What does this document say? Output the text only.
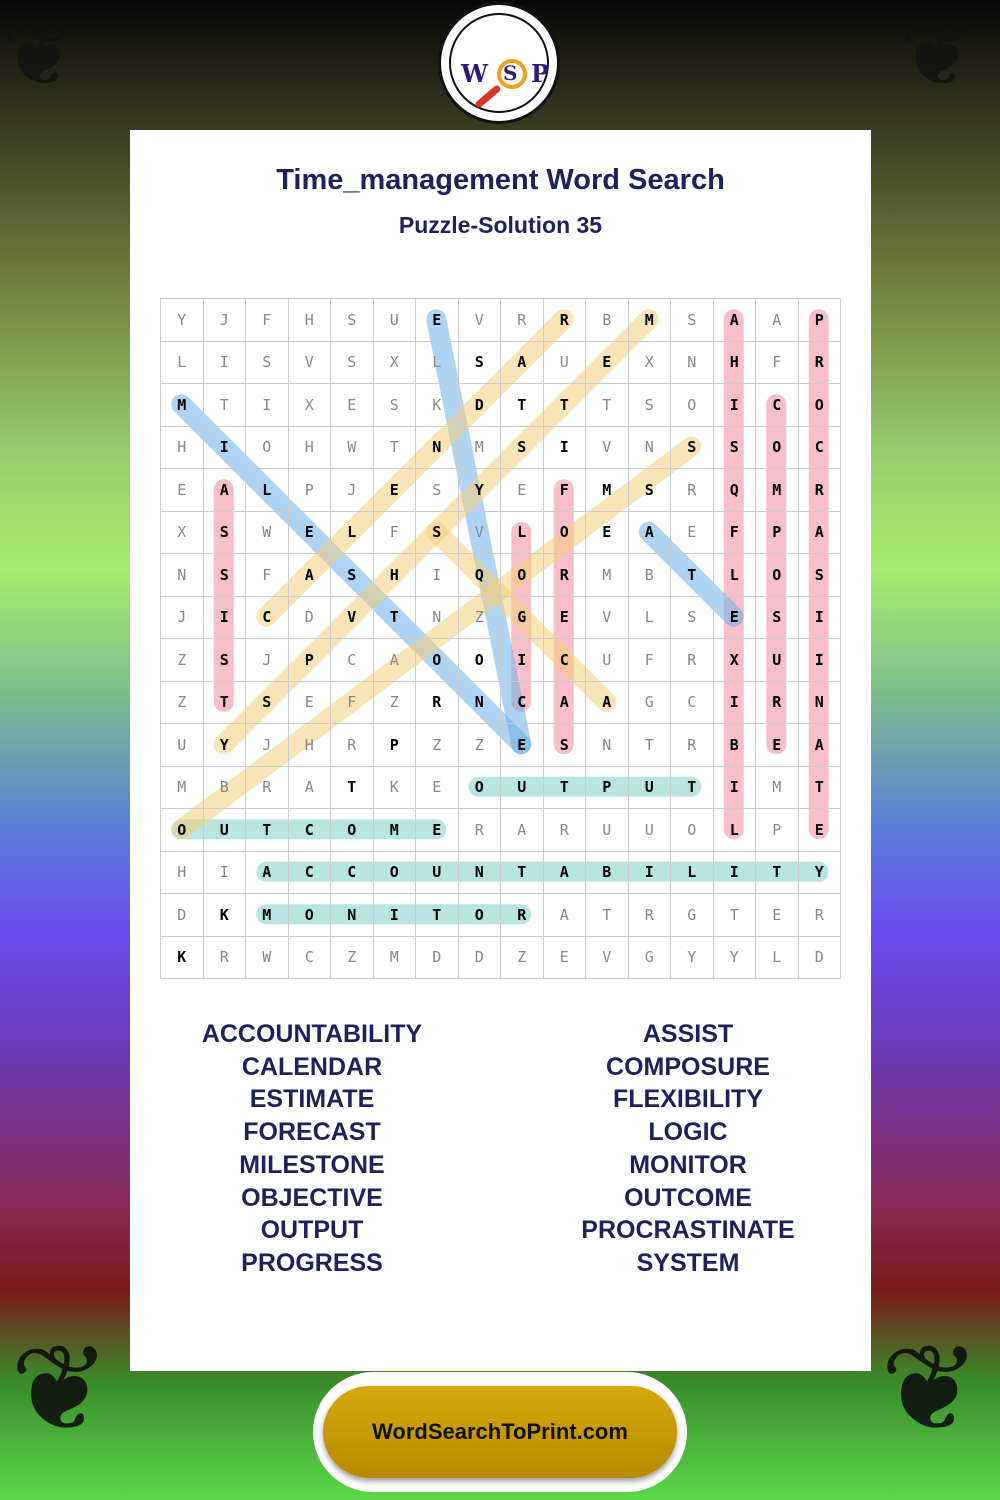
❦	❦
❦	❦
W S P
Time_management Word Search
Puzzle-Solution 35
Y	J	F	H	S	U	E	V	R	R	B	M	S	A	A	P
L	I	S	V	S	X	L	S	A	U	E	X	N	H	F	R
M	T	I	X	E	S	K	D	T	T	T	S	O	I	C	O
H	I	O	H	W	T	N	M	S	I	V	N	S	S	O	C
E	A	L	P	J	E	S	Y	E	F	M	S	R	Q	M	R
X	S	W	E	L	F	S	V	L	O	E	A	E	F	P	A
N	S	F	A	S	H	I	Q	O	R	M	B	T	L	O	S
J	I	C	D	V	T	N	Z	G	E	V	L	S	E	S	I
Z	S	J	P	C	A	O	O	I	C	U	F	R	X	U	I
Z	T	S	E	F	Z	R	N	C	A	A	G	C	I	R	N
U	Y	J	H	R	P	Z	Z	E	S	N	T	R	B	E	A
M	B	R	A	T	K	E	O	U	T	P	U	T	I	M	T
O	U	T	C	O	M	E	R	A	R	U	U	O	L	P	E
H	I	A	C	C	O	U	N	T	A	B	I	L	I	T	Y
D	K	M	O	N	I	T	O	R	A	T	R	G	T	E	R
K	R	W	C	Z	M	D	D	Z	E	V	G	Y	Y	L	D
ACCOUNTABILITY
CALENDAR
ESTIMATE
FORECAST
MILESTONE
OBJECTIVE
OUTPUT
PROGRESS
ASSIST
COMPOSURE
FLEXIBILITY
LOGIC
MONITOR
OUTCOME
PROCRASTINATE
SYSTEM
WordSearchToPrint.com
